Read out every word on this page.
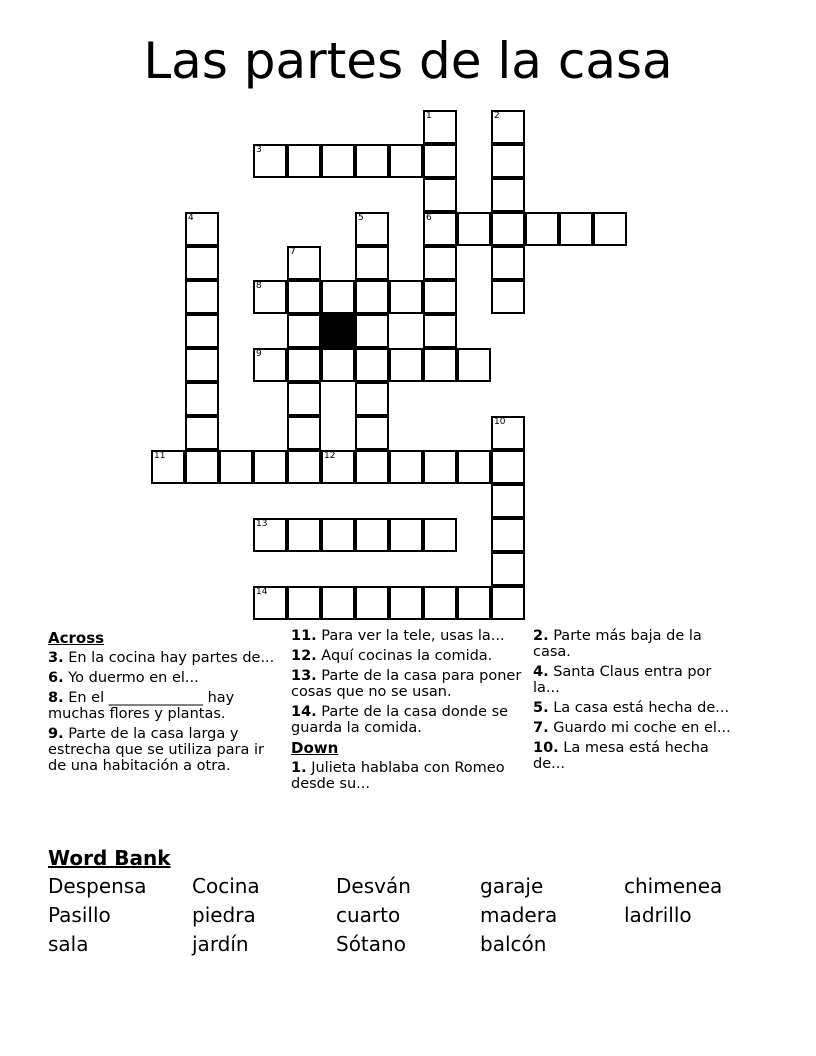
Las partes de la casa
1
6
2
3
4	5
7
8
9
10
11	12
13
14
Across
3. En la cocina hay partes de...
6. Yo duermo en el...
8. En el _____________ hay muchas flores y plantas.
9. Parte de la casa larga y estrecha que se utiliza para ir de una habitación a otra.
11. Para ver la tele, usas la...
12. Aquí cocinas la comida.
13. Parte de la casa para poner cosas que no se usan.
14. Parte de la casa donde se guarda la comida.
Down
1. Julieta hablaba con Romeo desde su...
2. Parte más baja de la casa.
4. Santa Claus entra por la...
5. La casa está hecha de...
7. Guardo mi coche en el...
10. La mesa está hecha de...
Word Bank
Despensa Cocina	Desván	garaje	chimenea
Pasillo	piedra	cuarto	madera	ladrillo
sala	jardín	Sótano	balcón
